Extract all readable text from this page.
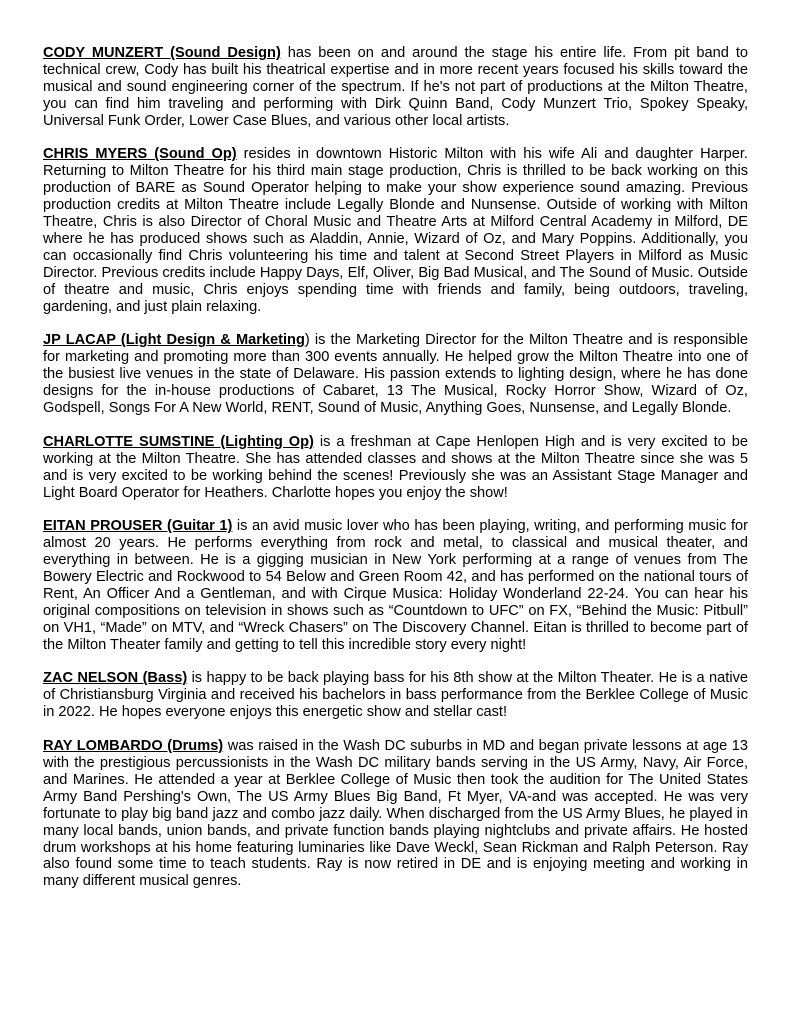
CODY MUNZERT (Sound Design) has been on and around the stage his entire life. From pit band to technical crew, Cody has built his theatrical expertise and in more recent years focused his skills toward the musical and sound engineering corner of the spectrum. If he's not part of productions at the Milton Theatre, you can find him traveling and performing with Dirk Quinn Band, Cody Munzert Trio, Spokey Speaky, Universal Funk Order, Lower Case Blues, and various other local artists.

CHRIS MYERS (Sound Op) resides in downtown Historic Milton with his wife Ali and daughter Harper. Returning to Milton Theatre for his third main stage production, Chris is thrilled to be back working on this production of BARE as Sound Operator helping to make your show experience sound amazing. Previous production credits at Milton Theatre include Legally Blonde and Nunsense. Outside of working with Milton Theatre, Chris is also Director of Choral Music and Theatre Arts at Milford Central Academy in Milford, DE where he has produced shows such as Aladdin, Annie, Wizard of Oz, and Mary Poppins. Additionally, you can occasionally find Chris volunteering his time and talent at Second Street Players in Milford as Music Director. Previous credits include Happy Days, Elf, Oliver, Big Bad Musical, and The Sound of Music. Outside of theatre and music, Chris enjoys spending time with friends and family, being outdoors, traveling, gardening, and just plain relaxing.

JP LACAP (Light Design & Marketing) is the Marketing Director for the Milton Theatre and is responsible for marketing and promoting more than 300 events annually. He helped grow the Milton Theatre into one of the busiest live venues in the state of Delaware. His passion extends to lighting design, where he has done designs for the in-house productions of Cabaret, 13 The Musical, Rocky Horror Show, Wizard of Oz, Godspell, Songs For A New World, RENT, Sound of Music, Anything Goes, Nunsense, and Legally Blonde.

CHARLOTTE SUMSTINE (Lighting Op) is a freshman at Cape Henlopen High and is very excited to be working at the Milton Theatre. She has attended classes and shows at the Milton Theatre since she was 5 and is very excited to be working behind the scenes! Previously she was an Assistant Stage Manager and Light Board Operator for Heathers. Charlotte hopes you enjoy the show!

EITAN PROUSER (Guitar 1) is an avid music lover who has been playing, writing, and performing music for almost 20 years. He performs everything from rock and metal, to classical and musical theater, and everything in between. He is a gigging musician in New York performing at a range of venues from The Bowery Electric and Rockwood to 54 Below and Green Room 42, and has performed on the national tours of Rent, An Officer And a Gentleman, and with Cirque Musica: Holiday Wonderland 22-24. You can hear his original compositions on television in shows such as “Countdown to UFC” on FX, “Behind the Music: Pitbull” on VH1, “Made” on MTV, and “Wreck Chasers” on The Discovery Channel. Eitan is thrilled to become part of the Milton Theater family and getting to tell this incredible story every night!

ZAC NELSON (Bass) is happy to be back playing bass for his 8th show at the Milton Theater. He is a native of Christiansburg Virginia and received his bachelors in bass performance from the Berklee College of Music in 2022. He hopes everyone enjoys this energetic show and stellar cast!

RAY LOMBARDO (Drums) was raised in the Wash DC suburbs in MD and began private lessons at age 13 with the prestigious percussionists in the Wash DC military bands serving in the US Army, Navy, Air Force, and Marines. He attended a year at Berklee College of Music then took the audition for The United States Army Band Pershing's Own, The US Army Blues Big Band, Ft Myer, VA-and was accepted. He was very fortunate to play big band jazz and combo jazz daily. When discharged from the US Army Blues, he played in many local bands, union bands, and private function bands playing nightclubs and private affairs. He hosted drum workshops at his home featuring luminaries like Dave Weckl, Sean Rickman and Ralph Peterson. Ray also found some time to teach students. Ray is now retired in DE and is enjoying meeting and working in many different musical genres.
